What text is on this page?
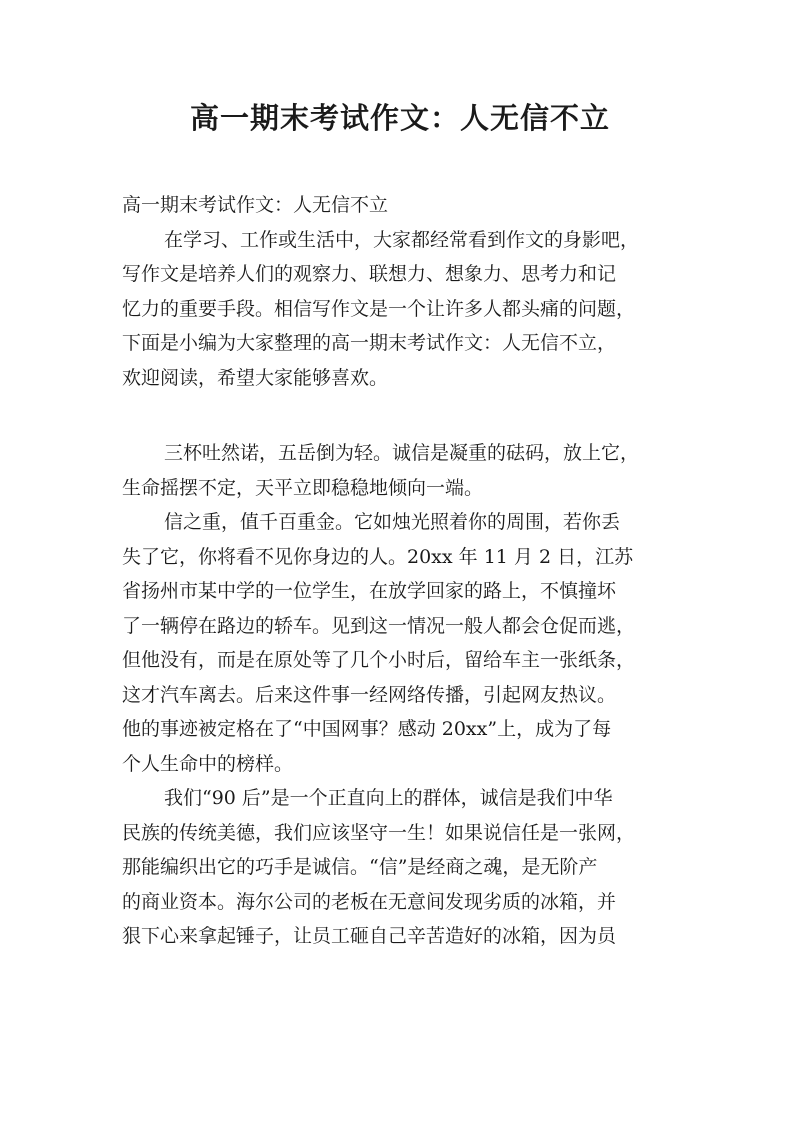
高一期末考试作文：人无信不立
高一期末考试作文：人无信不立
在学习、工作或生活中，大家都经常看到作文的身影吧，
写作文是培养人们的观察力、联想力、想象力、思考力和记
忆力的重要手段。相信写作文是一个让许多人都头痛的问题，
下面是小编为大家整理的高一期末考试作文：人无信不立，
欢迎阅读，希望大家能够喜欢。
三杯吐然诺，五岳倒为轻。诚信是凝重的砝码，放上它，
生命摇摆不定，天平立即稳稳地倾向一端。
信之重，值千百重金。它如烛光照着你的周围，若你丢
失了它，你将看不见你身边的人。20xx 年 11 月 2 日，江苏
省扬州市某中学的一位学生，在放学回家的路上，不慎撞坏
了一辆停在路边的轿车。见到这一情况一般人都会仓促而逃，
但他没有，而是在原处等了几个小时后，留给车主一张纸条，
这才汽车离去。后来这件事一经网络传播，引起网友热议。
他的事迹被定格在了“中国网事？感动 20xx”上，成为了每
个人生命中的榜样。
我们“90 后”是一个正直向上的群体，诚信是我们中华
民族的传统美德，我们应该坚守一生！如果说信任是一张网，
那能编织出它的巧手是诚信。“信”是经商之魂，是无阶产
的商业资本。海尔公司的老板在无意间发现劣质的冰箱，并
狠下心来拿起锤子，让员工砸自己辛苦造好的冰箱，因为员
